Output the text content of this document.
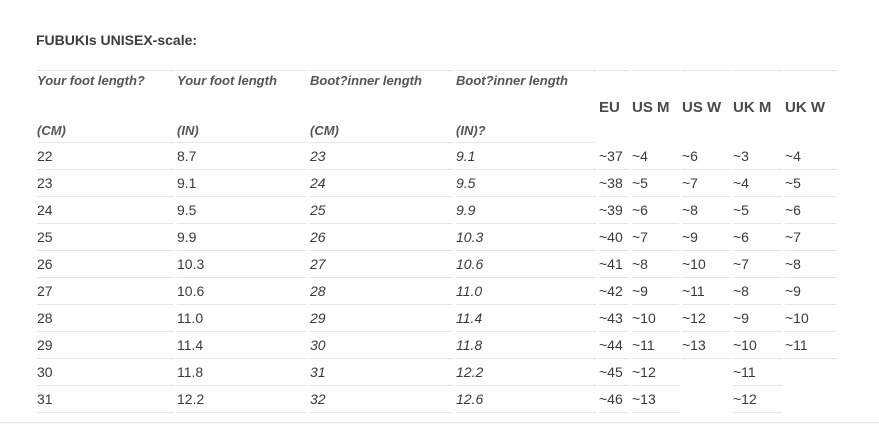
FUBUKIs UNISEX-scale:
Your foot length?	Your foot length	Boot?inner length	Boot?inner length	EU	US M	US W	UK M	UK W
(CM)	(IN)	(CM)	(IN)?					
22	8.7	23	9.1	~37	~4	~6	~3	~4
23	9.1	24	9.5	~38	~5	~7	~4	~5
24	9.5	25	9.9	~39	~6	~8	~5	~6
25	9.9	26	10.3	~40	~7	~9	~6	~7
26	10.3	27	10.6	~41	~8	~10	~7	~8
27	10.6	28	11.0	~42	~9	~11	~8	~9
28	11.0	29	11.4	~43	~10	~12	~9	~10
29	11.4	30	11.8	~44	~11	~13	~10	~11
30	11.8	31	12.2	~45	~12		~11	
31	12.2	32	12.6	~46	~13		~12	
